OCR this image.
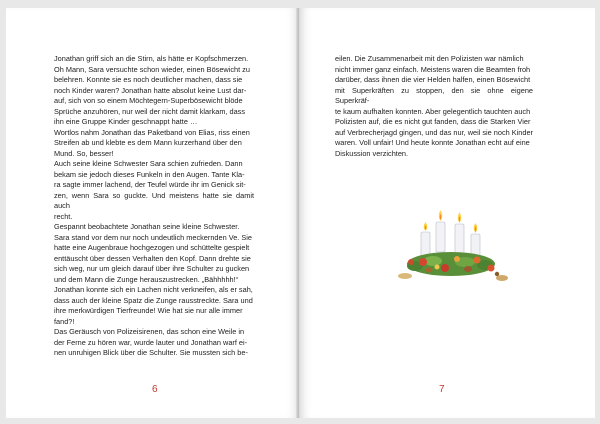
Jonathan griff sich an die Stirn, als hätte er Kopfschmerzen.

Oh Mann, Sara versuchte schon wieder, einen Bösewicht zu

belehren. Konnte sie es noch deutlicher machen, dass sie

noch Kinder waren? Jonathan hatte absolut keine Lust dar-

auf, sich von so einem Möchtegern-Superbösewicht blöde

Sprüche anzuhören, nur weil der nicht damit klarkam, dass

ihn eine Gruppe Kinder geschnappt hatte …

Wortlos nahm Jonathan das Paketband von Elias, riss einen

Streifen ab und klebte es dem Mann kurzerhand über den

Mund. So, besser!

Auch seine kleine Schwester Sara schien zufrieden. Dann

bekam sie jedoch dieses Funkeln in den Augen. Tante Kla-

ra sagte immer lachend, der Teufel würde ihr im Genick sit-

zen, wenn Sara so guckte. Und meistens hatte sie damit auch

recht.

Gespannt beobachtete Jonathan seine kleine Schwester.

Sara stand vor dem nur noch undeutlich meckernden Ve. Sie

hatte eine Augenbraue hochgezogen und schüttelte gespielt

enttäuscht über dessen Verhalten den Kopf. Dann drehte sie

sich weg, nur um gleich darauf über ihre Schulter zu gucken

und dem Mann die Zunge herauszustrecken. „Bähhhhh!“

Jonathan konnte sich ein Lachen nicht verkneifen, als er sah,

dass auch der kleine Spatz die Zunge rausstreckte. Sara und

ihre merkwürdigen Tierfreunde! Wie hat sie nur alle immer

fand?!

Das Geräusch von Polizeisirenen, das schon eine Weile in

der Ferne zu hören war, wurde lauter und Jonathan warf ei-

nen unruhigen Blick über die Schulter. Sie mussten sich be-

6

eilen. Die Zusammenarbeit mit den Polizisten war nämlich

nicht immer ganz einfach. Meistens waren die Beamten froh

darüber, dass ihnen die vier Helden halfen, einen Bösewicht

mit Superkräften zu stoppen, den sie ohne eigene Superkräf-

te kaum aufhalten konnten. Aber gelegentlich tauchten auch

Polizisten auf, die es nicht gut fanden, dass die Starken Vier

auf Verbrecherjagd gingen, und das nur, weil sie noch Kinder

waren. Voll unfair! Und heute konnte Jonathan echt auf eine

Diskussion verzichten.

7
